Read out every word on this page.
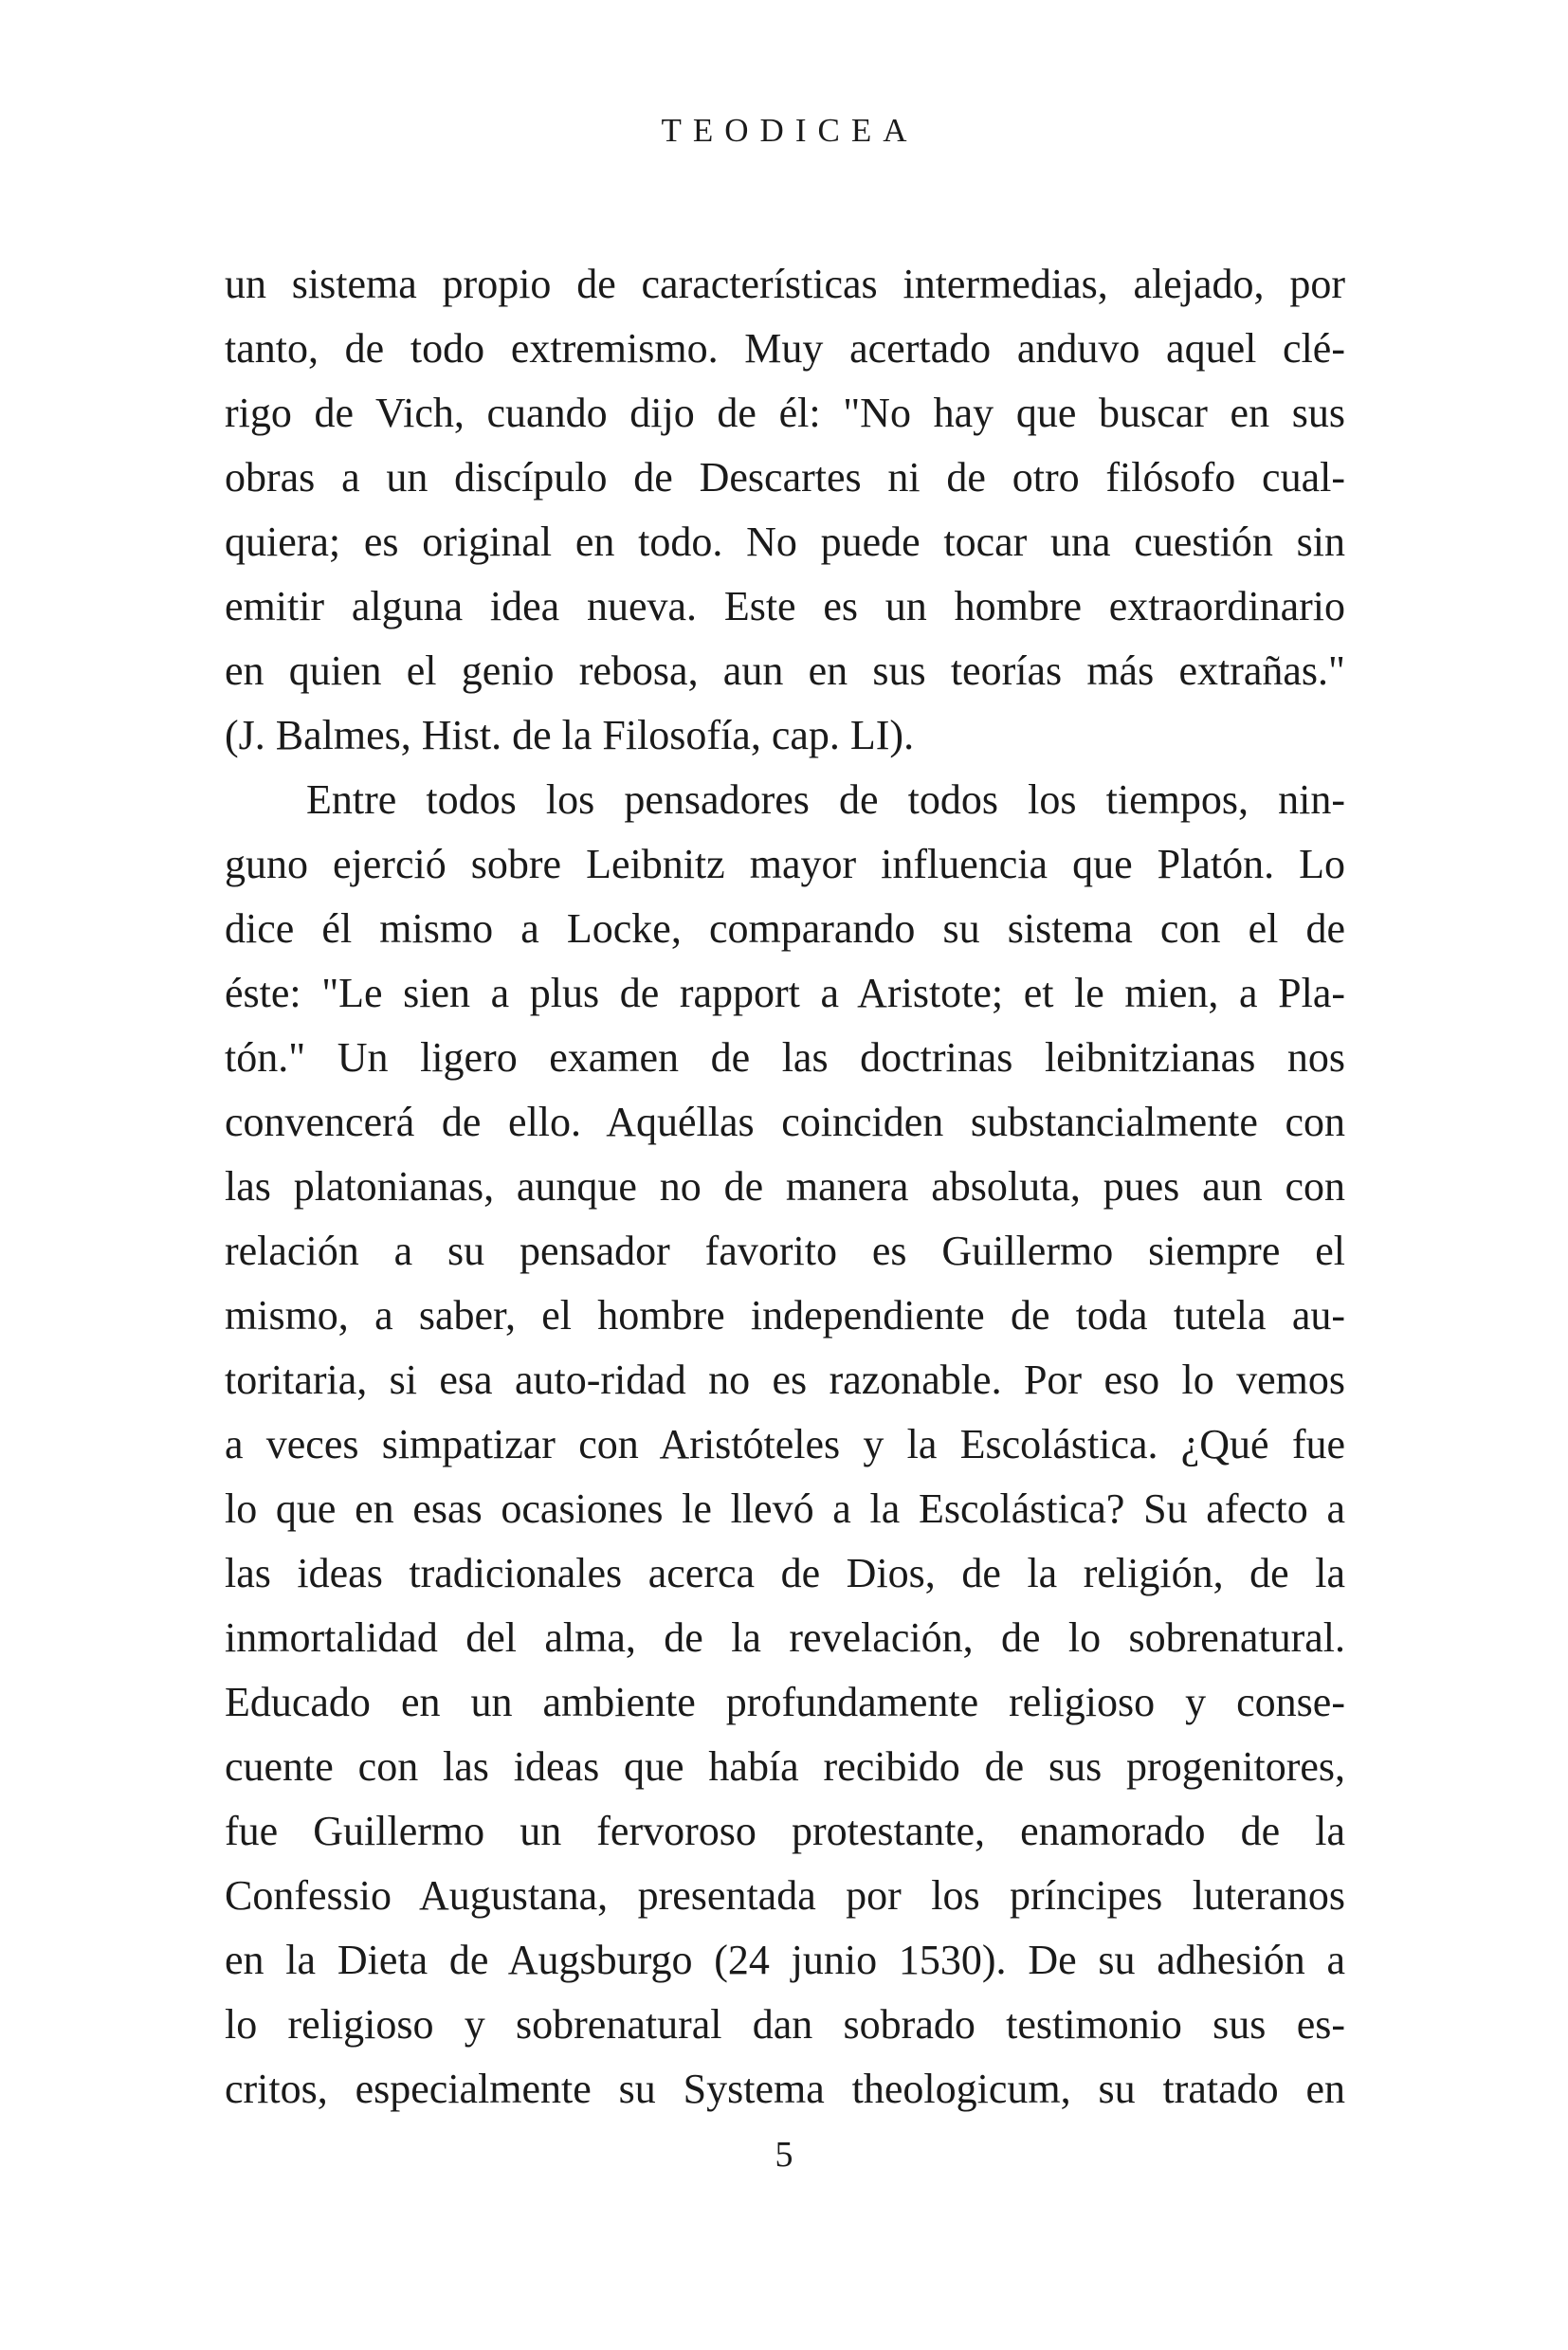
TEODICEA
un sistema propio de características intermedias, alejado, por
tanto, de todo extremismo. Muy acertado anduvo aquel clé-
rigo de Vich, cuando dijo de él: "No hay que buscar en sus
obras a un discípulo de Descartes ni de otro filósofo cual-
quiera; es original en todo. No puede tocar una cuestión sin
emitir alguna idea nueva. Este es un hombre extraordinario
en quien el genio rebosa, aun en sus teorías más extrañas."
(J. Balmes, Hist. de la Filosofía, cap. LI).
Entre todos los pensadores de todos los tiempos, nin-
guno ejerció sobre Leibnitz mayor influencia que Platón. Lo
dice él mismo a Locke, comparando su sistema con el de
éste: "Le sien a plus de rapport a Aristote; et le mien, a Pla-
tón." Un ligero examen de las doctrinas leibnitzianas nos
convencerá de ello. Aquéllas coinciden substancialmente con
las platonianas, aunque no de manera absoluta, pues aun con
relación a su pensador favorito es Guillermo siempre el
mismo, a saber, el hombre independiente de toda tutela au-
toritaria, si esa auto-ridad no es razonable. Por eso lo vemos
a veces simpatizar con Aristóteles y la Escolástica. ¿Qué fue
lo que en esas ocasiones le llevó a la Escolástica? Su afecto a
las ideas tradicionales acerca de Dios, de la religión, de la
inmortalidad del alma, de la revelación, de lo sobrenatural.
Educado en un ambiente profundamente religioso y conse-
cuente con las ideas que había recibido de sus progenitores,
fue Guillermo un fervoroso protestante, enamorado de la
Confessio Augustana, presentada por los príncipes luteranos
en la Dieta de Augsburgo (24 junio 1530). De su adhesión a
lo religioso y sobrenatural dan sobrado testimonio sus es-
critos, especialmente su Systema theologicum, su tratado en
5
